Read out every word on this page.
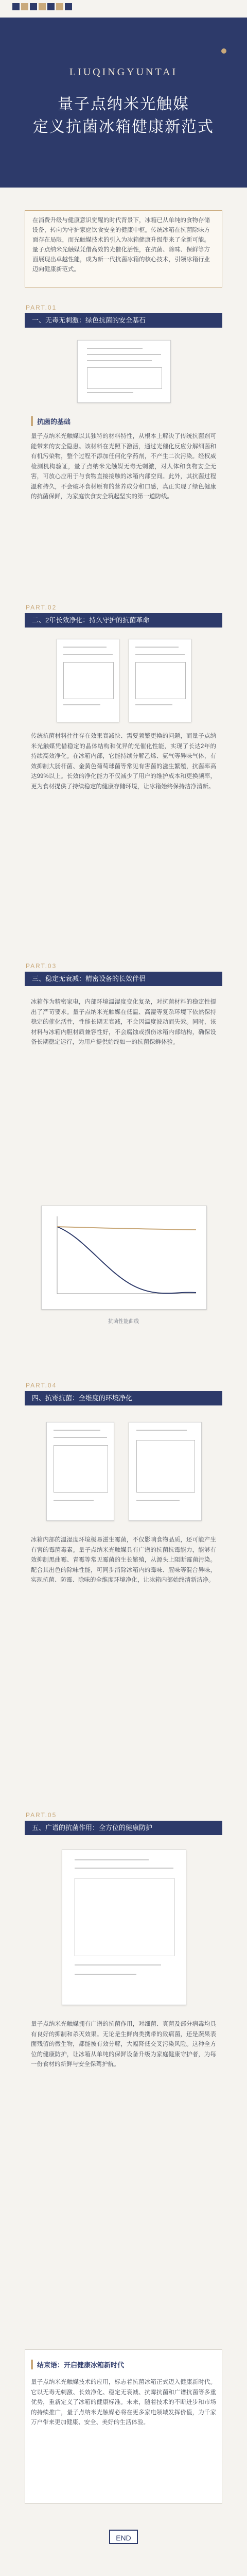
LIUQINGYUNTAI
量子点纳米光触媒
定义抗菌冰箱健康新范式
在消费升级与健康意识觉醒的时代背景下，冰箱已从单纯的食物存储设备，转向为守护家庭饮食安全的健康中枢。传统冰箱在抗菌除味方面存在局限，而光触媒技术的引入为冰箱健康升级带来了全新可能。量子点纳米光触媒凭借高效的光催化活性，在抗菌、除味、保鲜等方面展现出卓越性能，成为新一代抗菌冰箱的核心技术，引领冰箱行业迈向健康新范式。
PART.01
一、无毒无刺激：绿色抗菌的安全基石
抗菌的基础
量子点纳米光触媒以其独特的材料特性，从根本上解决了传统抗菌剂可能带来的安全隐患。该材料在光照下激活，通过光催化反应分解细菌和有机污染物，整个过程不添加任何化学药剂，不产生二次污染。经权威检测机构验证，量子点纳米光触媒无毒无刺激，对人体和食物安全无害，可放心应用于与食物直接接触的冰箱内部空间。此外，其抗菌过程温和持久，不会破坏食材原有的营养成分和口感，真正实现了绿色健康的抗菌保鲜，为家庭饮食安全筑起坚实的第一道防线。
PART.02
二、2年长效净化：持久守护的抗菌革命
传统抗菌材料往往存在效果衰减快、需要频繁更换的问题，而量子点纳米光触媒凭借稳定的晶体结构和优异的光催化性能，实现了长达2年的持续高效净化。在冰箱内部，它能持续分解乙烯、氨气等异味气体，有效抑制大肠杆菌、金黄色葡萄球菌等常见有害菌的滋生繁殖，抗菌率高达99%以上。长效的净化能力不仅减少了用户的维护成本和更换频率，更为食材提供了持续稳定的健康存储环境，让冰箱始终保持洁净清新。
PART.03
三、稳定无衰减：精密设备的长效伴侣
冰箱作为精密家电，内部环境温湿度变化复杂，对抗菌材料的稳定性提出了严苛要求。量子点纳米光触媒在低温、高湿等复杂环境下依然保持稳定的催化活性，性能长期无衰减，不会因温度波动而失效。同时，该材料与冰箱内胆材质兼容性好，不会腐蚀或损伤冰箱内部结构，确保设备长期稳定运行，为用户提供始终如一的抗菌保鲜体验。
抗菌性能曲线
PART.04
四、抗霉抗菌：全维度的环境净化
冰箱内部的温湿度环境极易滋生霉菌，不仅影响食物品质，还可能产生有害的霉菌毒素。量子点纳米光触媒具有广谱的抗菌抗霉能力，能够有效抑制黑曲霉、青霉等常见霉菌的生长繁殖，从源头上阻断霉菌污染。配合其出色的除味性能，可同步消除冰箱内的霉味、腥味等混合异味，实现抗菌、防霉、除味的全维度环境净化，让冰箱内部始终清新洁净。
PART.05
五、广谱的抗菌作用：全方位的健康防护
量子点纳米光触媒拥有广谱的抗菌作用，对细菌、真菌及部分病毒均具有良好的抑制和杀灭效果。无论是生鲜肉类携带的致病菌，还是蔬果表面残留的微生物，都能被有效分解，大幅降低交叉污染风险。这种全方位的健康防护，让冰箱从单纯的保鲜设备升级为家庭健康守护者，为每一份食材的新鲜与安全保驾护航。
结束语：开启健康冰箱新时代
量子点纳米光触媒技术的应用，标志着抗菌冰箱正式迈入健康新时代。它以无毒无刺激、长效净化、稳定无衰减、抗霉抗菌和广谱抗菌等多重优势，重新定义了冰箱的健康标准。未来，随着技术的不断进步和市场的持续推广，量子点纳米光触媒必将在更多家电领域发挥价值，为千家万户带来更加健康、安全、美好的生活体验。
END
